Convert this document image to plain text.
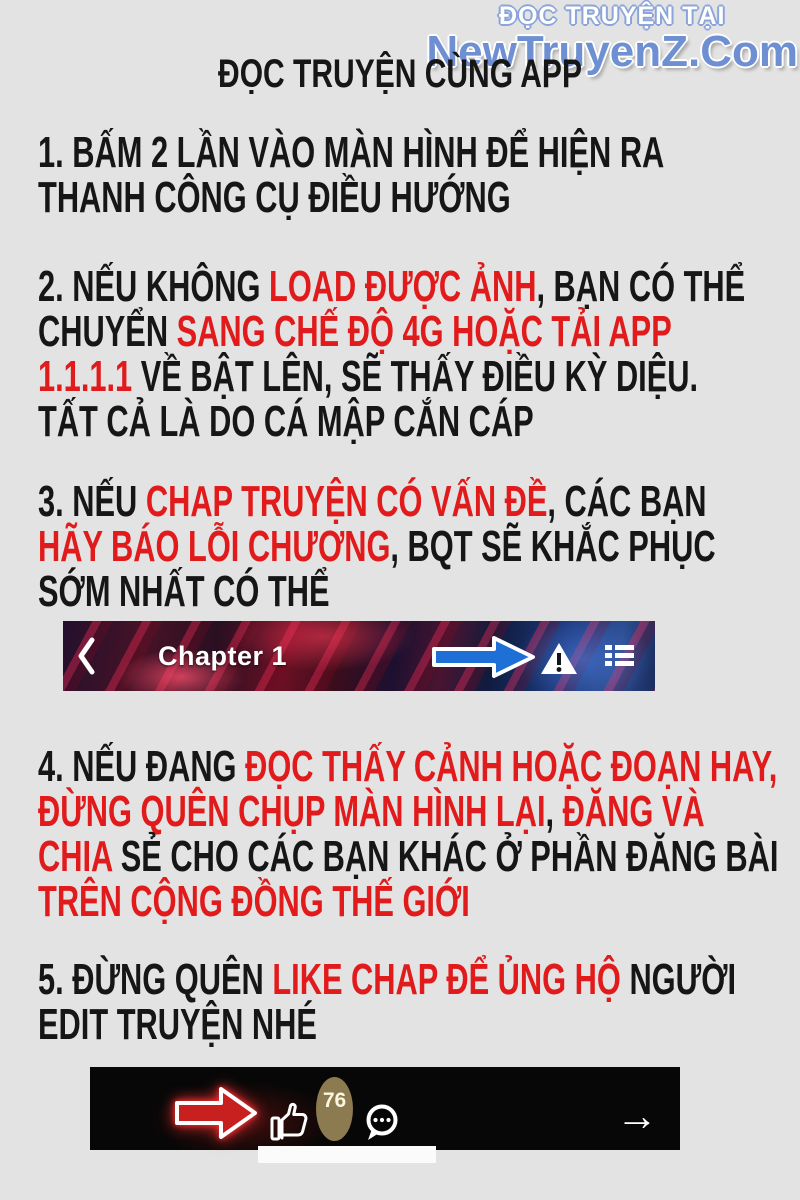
ĐỌC TRUYỆN TẠI
NewTruyenZ.Com
ĐỌC TRUYỆN CÙNG APP
1. BẤM 2 LẦN VÀO MÀN HÌNH ĐỂ HIỆN RA
THANH CÔNG CỤ ĐIỀU HƯỚNG
2. NẾU KHÔNG LOAD ĐƯỢC ẢNH, BẠN CÓ THỂ
CHUYỂN SANG CHẾ ĐỘ 4G HOẶC TẢI APP
1.1.1.1 VỀ BẬT LÊN, SẼ THẤY ĐIỀU KỲ DIỆU.
TẤT CẢ LÀ DO CÁ MẬP CẮN CÁP
3. NẾU CHAP TRUYỆN CÓ VẤN ĐỀ, CÁC BẠN
HÃY BÁO LỖI CHƯƠNG, BQT SẼ KHẮC PHỤC
SỚM NHẤT CÓ THỂ
4. NẾU ĐANG ĐỌC THẤY CẢNH HOẶC ĐOẠN HAY,
ĐỪNG QUÊN CHỤP MÀN HÌNH LẠI, ĐĂNG VÀ
CHIA SẺ CHO CÁC BẠN KHÁC Ở PHẦN ĐĂNG BÀI
TRÊN CỘNG ĐỒNG THẾ GIỚI
5. ĐỪNG QUÊN LIKE CHAP ĐỂ ỦNG HỘ NGƯỜI
EDIT TRUYỆN NHÉ
Chapter 1
76	→
